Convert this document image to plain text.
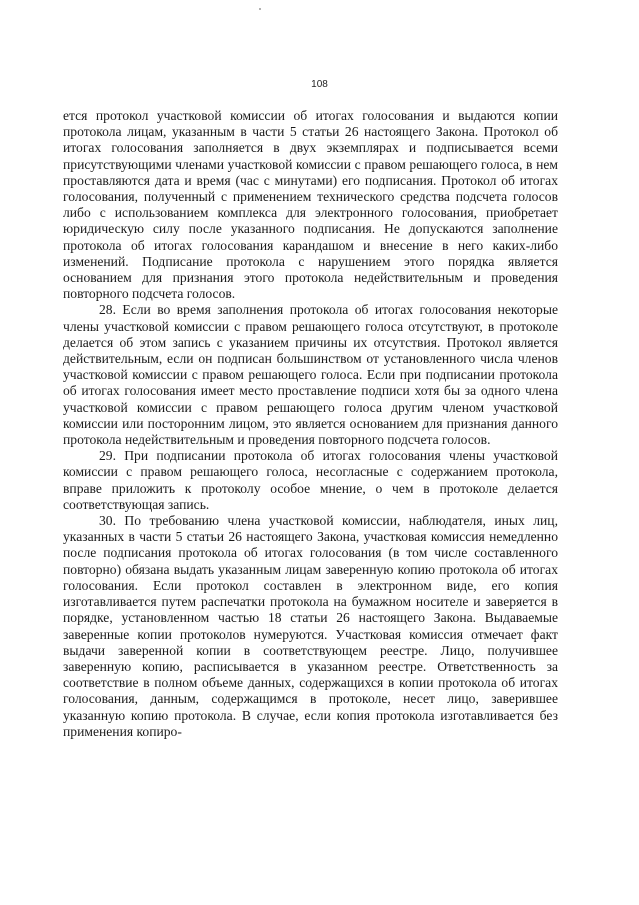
108

ется протокол участковой комиссии об итогах голосования и выдаются копии протокола лицам, указанным в части 5 статьи 26 настоящего Закона. Протокол об итогах голосования заполняется в двух экземплярах и подписывается всеми присутствующими членами участковой комиссии с правом решающего голоса, в нем проставляются дата и время (час с минутами) его подписания. Протокол об итогах голосования, полученный с применением технического средства подсчета голосов либо с использованием комплекса для электронного голосования, приобретает юридическую силу после указанного подписания. Не допускаются заполнение протокола об итогах голосования карандашом и внесение в него каких-либо изменений. Подписание протокола с нарушением этого порядка является основанием для признания этого протокола недействительным и проведения повторного подсчета голосов.

28. Если во время заполнения протокола об итогах голосования некоторые члены участковой комиссии с правом решающего голоса отсутствуют, в протоколе делается об этом запись с указанием причины их отсутствия. Протокол является действительным, если он подписан большинством от установленного числа членов участковой комиссии с правом решающего голоса. Если при подписании протокола об итогах голосования имеет место проставление подписи хотя бы за одного члена участковой комиссии с правом решающего голоса другим членом участковой комиссии или посторонним лицом, это является основанием для признания данного протокола недействительным и проведения повторного подсчета голосов.

29. При подписании протокола об итогах голосования члены участковой комиссии с правом решающего голоса, несогласные с содержанием протокола, вправе приложить к протоколу особое мнение, о чем в протоколе делается соответствующая запись.

30. По требованию члена участковой комиссии, наблюдателя, иных лиц, указанных в части 5 статьи 26 настоящего Закона, участковая комиссия немедленно после подписания протокола об итогах голосования (в том числе составленного повторно) обязана выдать указанным лицам заверенную копию протокола об итогах голосования. Если протокол составлен в электронном виде, его копия изготавливается путем распечатки протокола на бумажном носителе и заверяется в порядке, установленном частью 18 статьи 26 настоящего Закона. Выдаваемые заверенные копии протоколов нумеруются. Участковая комиссия отмечает факт выдачи заверенной копии в соответствующем реестре. Лицо, получившее заверенную копию, расписывается в указанном реестре. Ответственность за соответствие в полном объеме данных, содержащихся в копии протокола об итогах голосования, данным, содержащимся в протоколе, несет лицо, заверившее указанную копию протокола. В случае, если копия протокола изготавливается без применения копиро-
